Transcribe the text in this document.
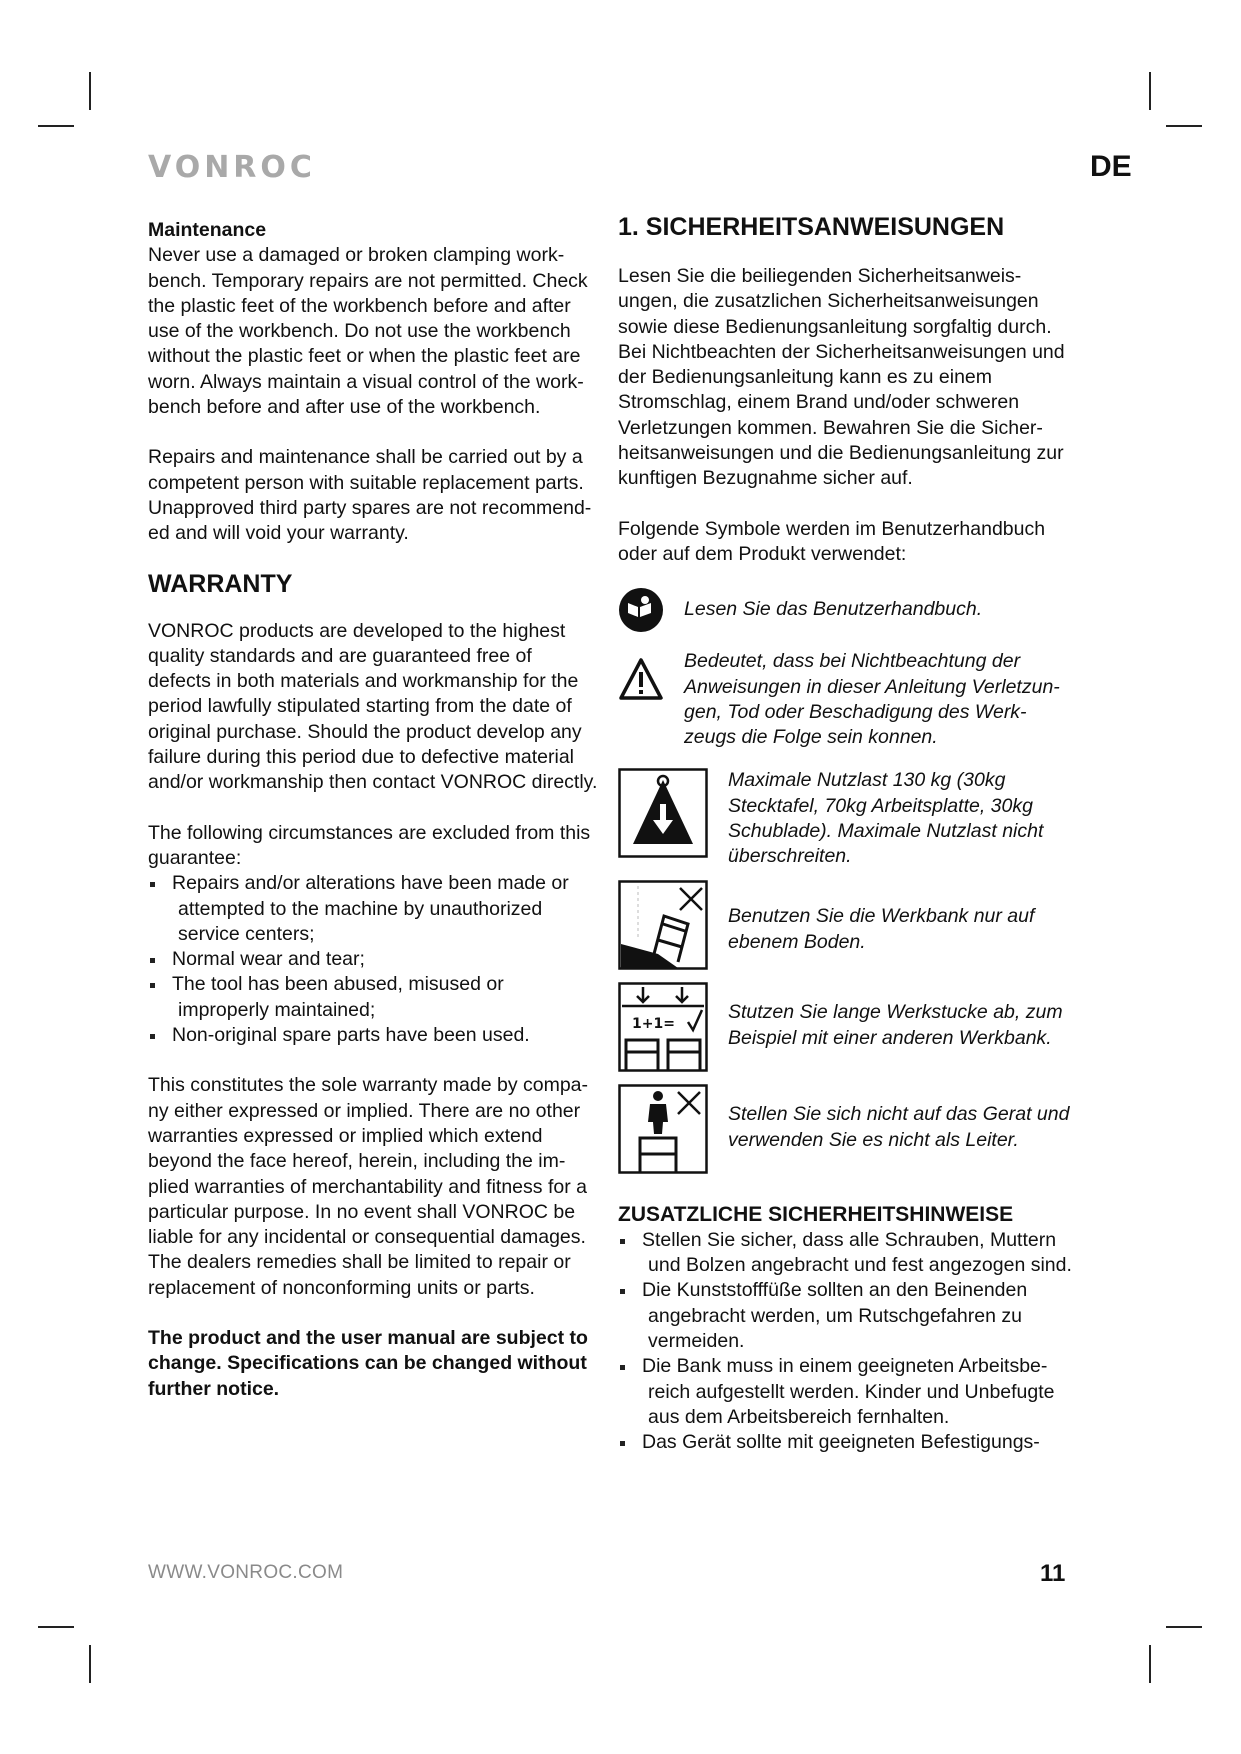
VONROC	DE

Maintenance

Never use a damaged or broken clamping work-bench. Temporary repairs are not permitted. Check the plastic feet of the workbench before and after use of the workbench. Do not use the workbench without the plastic feet or when the plastic feet are worn. Always maintain a visual control of the work-bench before and after use of the workbench.

Repairs and maintenance shall be carried out by a competent person with suitable replacement parts. Unapproved third party spares are not recommend-ed and will void your warranty.

WARRANTY

VONROC products are developed to the highest quality standards and are guaranteed free of defects in both materials and workmanship for the period lawfully stipulated starting from the date of original purchase. Should the product develop any failure during this period due to defective material and/or workmanship then contact VONROC directly.

The following circumstances are excluded from this guarantee:

Repairs and/or alterations have been made or attempted to the machine by unauthorized service centers;
Normal wear and tear;
The tool has been abused, misused or improperly maintained;
Non-original spare parts have been used.

This constitutes the sole warranty made by compa-ny either expressed or implied. There are no other warranties expressed or implied which extend beyond the face hereof, herein, including the im-plied warranties of merchantability and fitness for a particular purpose. In no event shall VONROC be liable for any incidental or consequential damages. The dealers remedies shall be limited to repair or replacement of nonconforming units or parts.

The product and the user manual are subject to change. Specifications can be changed without further notice.

1. SICHERHEITSANWEISUNGEN

Lesen Sie die beiliegenden Sicherheitsanweis-ungen, die zusatzlichen Sicherheitsanweisungen sowie diese Bedienungsanleitung sorgfaltig durch. Bei Nichtbeachten der Sicherheitsanweisungen und der Bedienungsanleitung kann es zu einem Stromschlag, einem Brand und/oder schweren Verletzungen kommen. Bewahren Sie die Sicher-heitsanweisungen und die Bedienungsanleitung zur kunftigen Bezugnahme sicher auf.

Folgende Symbole werden im Benutzerhandbuch oder auf dem Produkt verwendet:

Lesen Sie das Benutzerhandbuch.
Bedeutet, dass bei Nichtbeachtung der Anweisungen in dieser Anleitung Verletzun-gen, Tod oder Beschadigung des Werk-zeugs die Folge sein konnen.
Maximale Nutzlast 130 kg (30kg Stecktafel, 70kg Arbeitsplatte, 30kg Schublade). Maximale Nutzlast nicht überschreiten.
Benutzen Sie die Werkbank nur auf ebenem Boden.
1+1=
Stutzen Sie lange Werkstucke ab, zum Beispiel mit einer anderen Werkbank.
Stellen Sie sich nicht auf das Gerat und verwenden Sie es nicht als Leiter.

ZUSATZLICHE SICHERHEITSHINWEISE

Stellen Sie sicher, dass alle Schrauben, Muttern und Bolzen angebracht und fest angezogen sind.
Die Kunststofffüße sollten an den Beinenden angebracht werden, um Rutschgefahren zu vermeiden.
Die Bank muss in einem geeigneten Arbeitsbe-reich aufgestellt werden. Kinder und Unbefugte aus dem Arbeitsbereich fernhalten.
Das Gerät sollte mit geeigneten Befestigungs-
WWW.VONROC.COM	11
